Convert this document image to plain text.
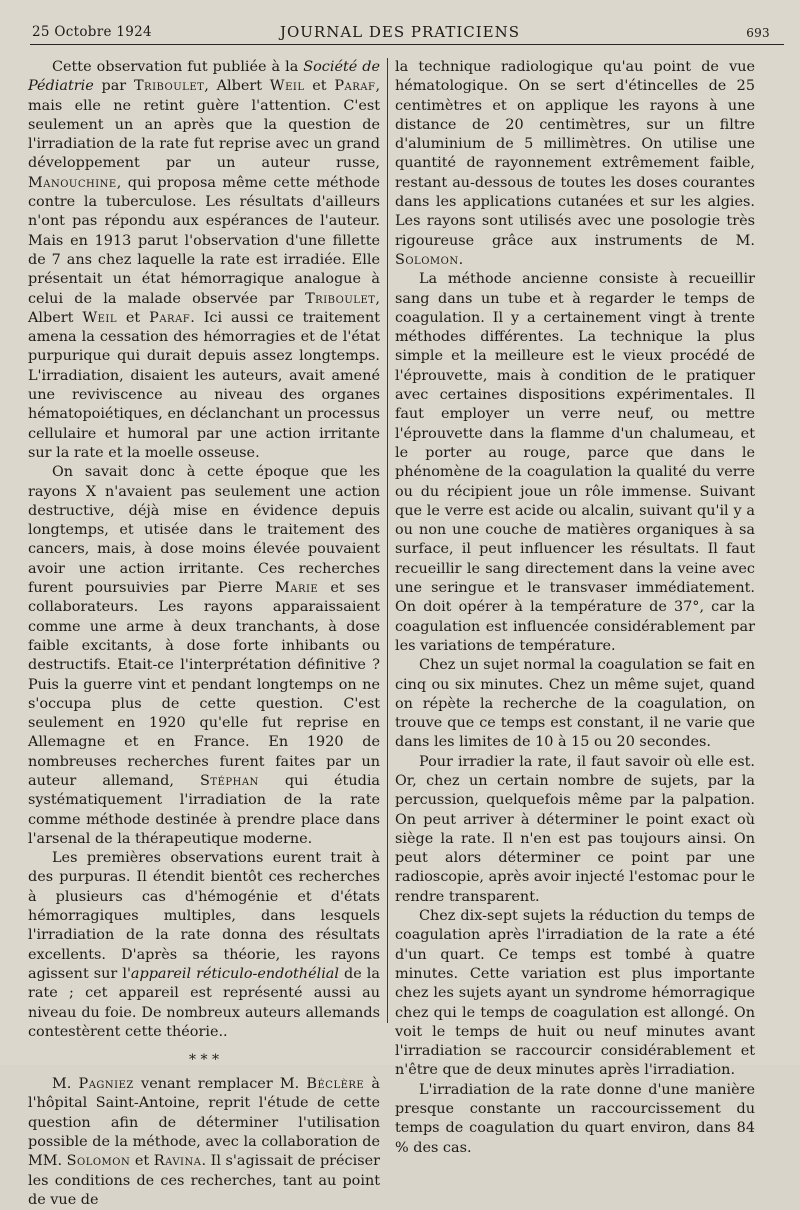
25 Octobre 1924	JOURNAL DES PRATICIENS	693

Cette observation fut publiée à la Société de Pédiatrie par Triboulet, Albert Weil et Paraf, mais elle ne retint guère l'attention. C'est seulement un an après que la question de l'irradiation de la rate fut reprise avec un grand développement par un auteur russe, Manouchine, qui proposa même cette méthode contre la tuberculose. Les résultats d'ailleurs n'ont pas répondu aux espérances de l'auteur. Mais en 1913 parut l'observation d'une fillette de 7 ans chez laquelle la rate est irradiée. Elle présentait un état hémorragique analogue à celui de la malade observée par Triboulet, Albert Weil et Paraf. Ici aussi ce traitement amena la cessation des hémorragies et de l'état purpurique qui durait depuis assez longtemps. L'irradiation, disaient les auteurs, avait amené une reviviscence au niveau des organes hématopoiétiques, en déclanchant un processus cellulaire et humoral par une action irritante sur la rate et la moelle osseuse.

On savait donc à cette époque que les rayons X n'avaient pas seulement une action destructive, déjà mise en évidence depuis longtemps, et utisée dans le traitement des cancers, mais, à dose moins élevée pouvaient avoir une action irritante. Ces recherches furent poursuivies par Pierre Marie et ses collaborateurs. Les rayons apparaissaient comme une arme à deux tranchants, à dose faible excitants, à dose forte inhibants ou destructifs. Etait-ce l'interprétation définitive ? Puis la guerre vint et pendant longtemps on ne s'occupa plus de cette question. C'est seulement en 1920 qu'elle fut reprise en Allemagne et en France. En 1920 de nombreuses recherches furent faites par un auteur allemand, Stéphan qui étudia systématiquement l'irradiation de la rate comme méthode destinée à prendre place dans l'arsenal de la thérapeutique moderne.

Les premières observations eurent trait à des purpuras. Il étendit bientôt ces recherches à plusieurs cas d'hémogénie et d'états hémorragiques multiples, dans lesquels l'irradiation de la rate donna des résultats excellents. D'après sa théorie, les rayons agissent sur l'appareil réticulo-endothélial de la rate ; cet appareil est représenté aussi au niveau du foie. De nombreux auteurs allemands contestèrent cette théorie..

* * *

M. Pagniez venant remplacer M. Béclère à l'hôpital Saint-Antoine, reprit l'étude de cette question afin de déterminer l'utilisation possible de la méthode, avec la collaboration de MM. Solomon et Ravina. Il s'agissait de préciser les conditions de ces recherches, tant au point de vue de

la technique radiologique qu'au point de vue hématologique. On se sert d'étincelles de 25 centimètres et on applique les rayons à une distance de 20 centimètres, sur un filtre d'aluminium de 5 millimètres. On utilise une quantité de rayonnement extrêmement faible, restant au-dessous de toutes les doses courantes dans les applications cutanées et sur les algies. Les rayons sont utilisés avec une posologie très rigoureuse grâce aux instruments de M. Solomon.

La méthode ancienne consiste à recueillir sang dans un tube et à regarder le temps de coagulation. Il y a certainement vingt à trente méthodes différentes. La technique la plus simple et la meilleure est le vieux procédé de l'éprouvette, mais à condition de le pratiquer avec certaines dispositions expérimentales. Il faut employer un verre neuf, ou mettre l'éprouvette dans la flamme d'un chalumeau, et le porter au rouge, parce que dans le phénomène de la coagulation la qualité du verre ou du récipient joue un rôle immense. Suivant que le verre est acide ou alcalin, suivant qu'il y a ou non une couche de matières organiques à sa surface, il peut influencer les résultats. Il faut recueillir le sang directement dans la veine avec une seringue et le transvaser immédiatement. On doit opérer à la température de 37°, car la coagulation est influencée considérablement par les variations de température.

Chez un sujet normal la coagulation se fait en cinq ou six minutes. Chez un même sujet, quand on répète la recherche de la coagulation, on trouve que ce temps est constant, il ne varie que dans les limites de 10 à 15 ou 20 secondes.

Pour irradier la rate, il faut savoir où elle est. Or, chez un certain nombre de sujets, par la percussion, quelquefois même par la palpation. On peut arriver à déterminer le point exact où siège la rate. Il n'en est pas toujours ainsi. On peut alors déterminer ce point par une radioscopie, après avoir injecté l'estomac pour le rendre transparent.

Chez dix-sept sujets la réduction du temps de coagulation après l'irradiation de la rate a été d'un quart. Ce temps est tombé à quatre minutes. Cette variation est plus importante chez les sujets ayant un syndrome hémorragique chez qui le temps de coagulation est allongé. On voit le temps de huit ou neuf minutes avant l'irradiation se raccourcir considérablement et n'être que de deux minutes après l'irradiation.

L'irradiation de la rate donne d'une manière presque constante un raccourcissement du temps de coagulation du quart environ, dans 84 % des cas.
